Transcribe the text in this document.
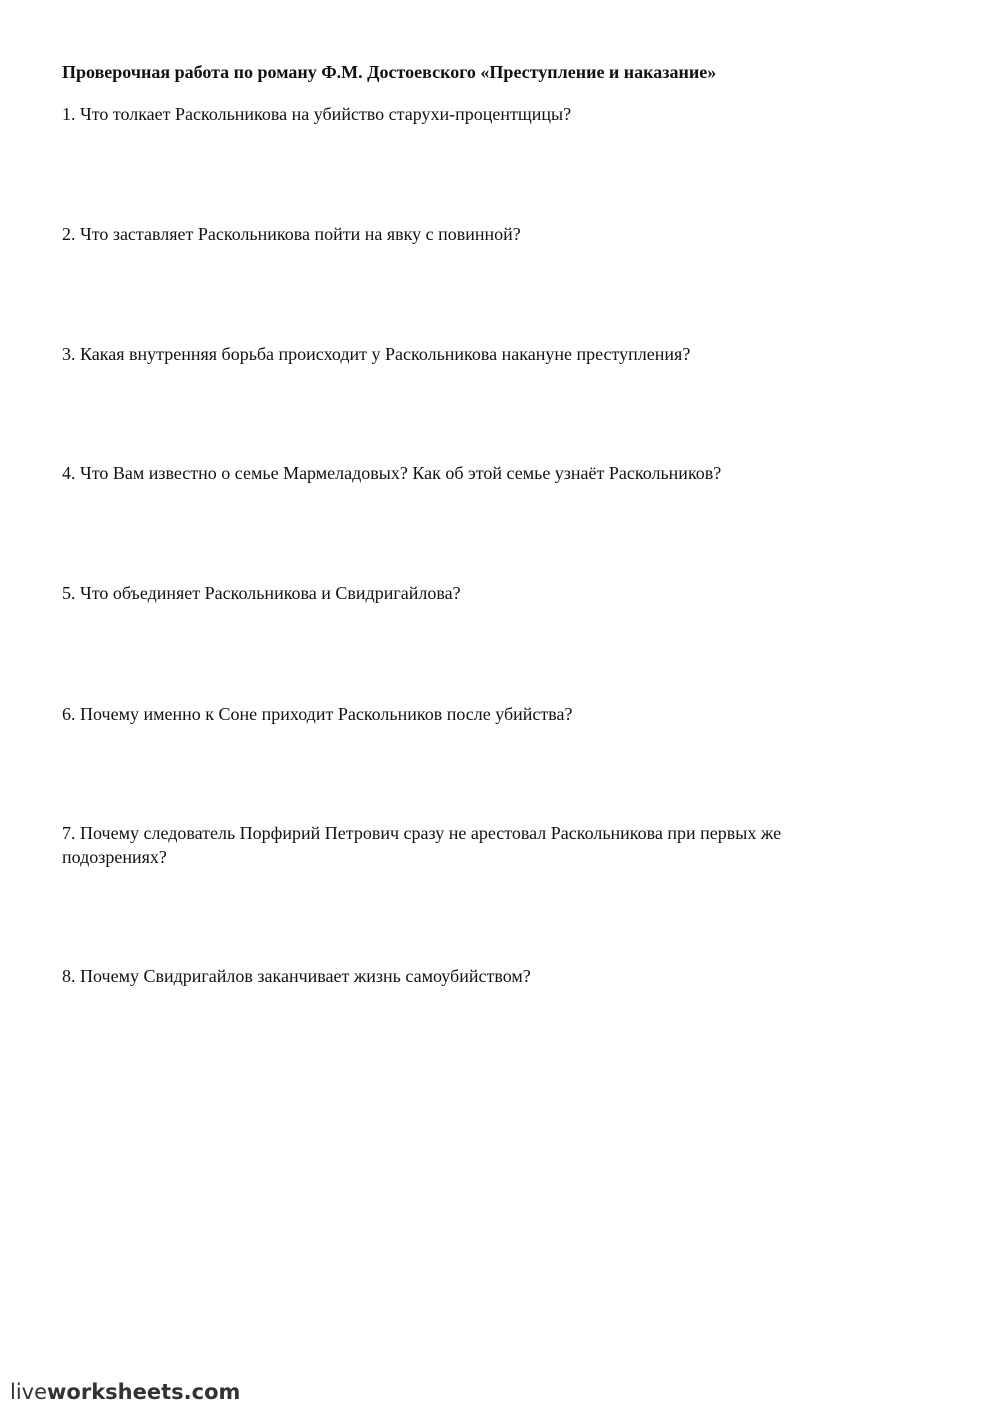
Проверочная работа по роману Ф.М. Достоевского «Преступление и наказание»
1. Что толкает Раскольникова на убийство старухи-процентщицы?
2. Что заставляет Раскольникова пойти на явку с повинной?
3. Какая внутренняя борьба происходит у Раскольникова накануне преступления?
4. Что Вам известно о семье Мармеладовых? Как об этой семье узнаёт Раскольников?
5. Что объединяет Раскольникова и Свидригайлова?
6. Почему именно к Соне приходит Раскольников после убийства?
7. Почему следователь Порфирий Петрович сразу не арестовал Раскольникова при первых же
подозрениях?
8. Почему Свидригайлов заканчивает жизнь самоубийством?
liveworksheets.com
